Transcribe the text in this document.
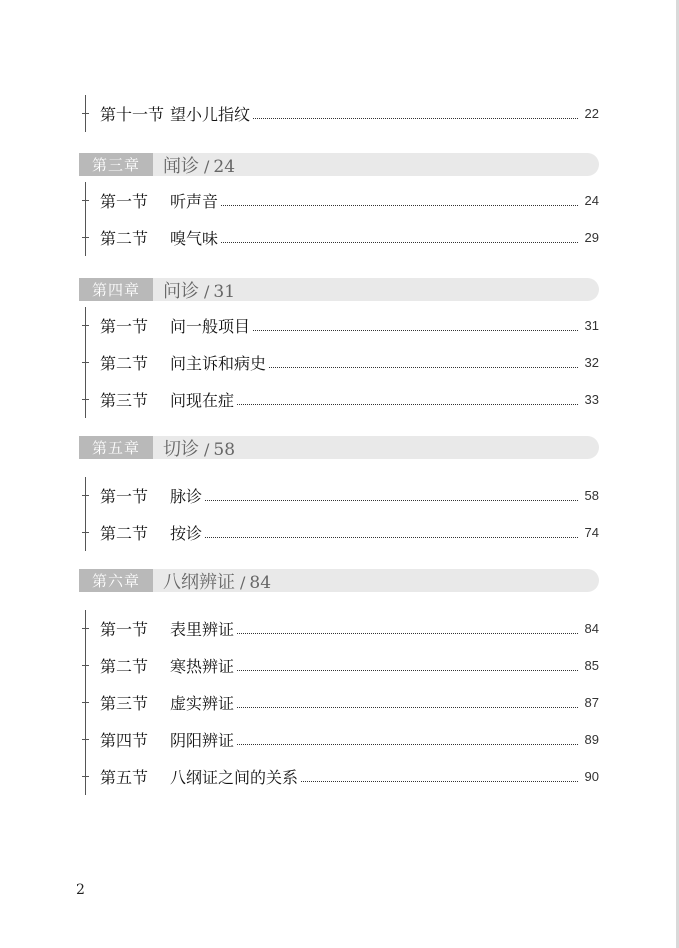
第十一节 望小儿指纹	22
第三章	闻诊 / 24
第一节	听声音	24
第二节	嗅气味	29
第四章	问诊 / 31
第一节	问一般项目	31
第二节	问主诉和病史	32
第三节	问现在症	33
第五章	切诊 / 58
第一节	脉诊	58
第二节	按诊	74
第六章	八纲辨证 / 84
第一节	表里辨证	84
第二节	寒热辨证	85
第三节	虚实辨证	87
第四节	阴阳辨证	89
第五节	八纲证之间的关系	90
2
